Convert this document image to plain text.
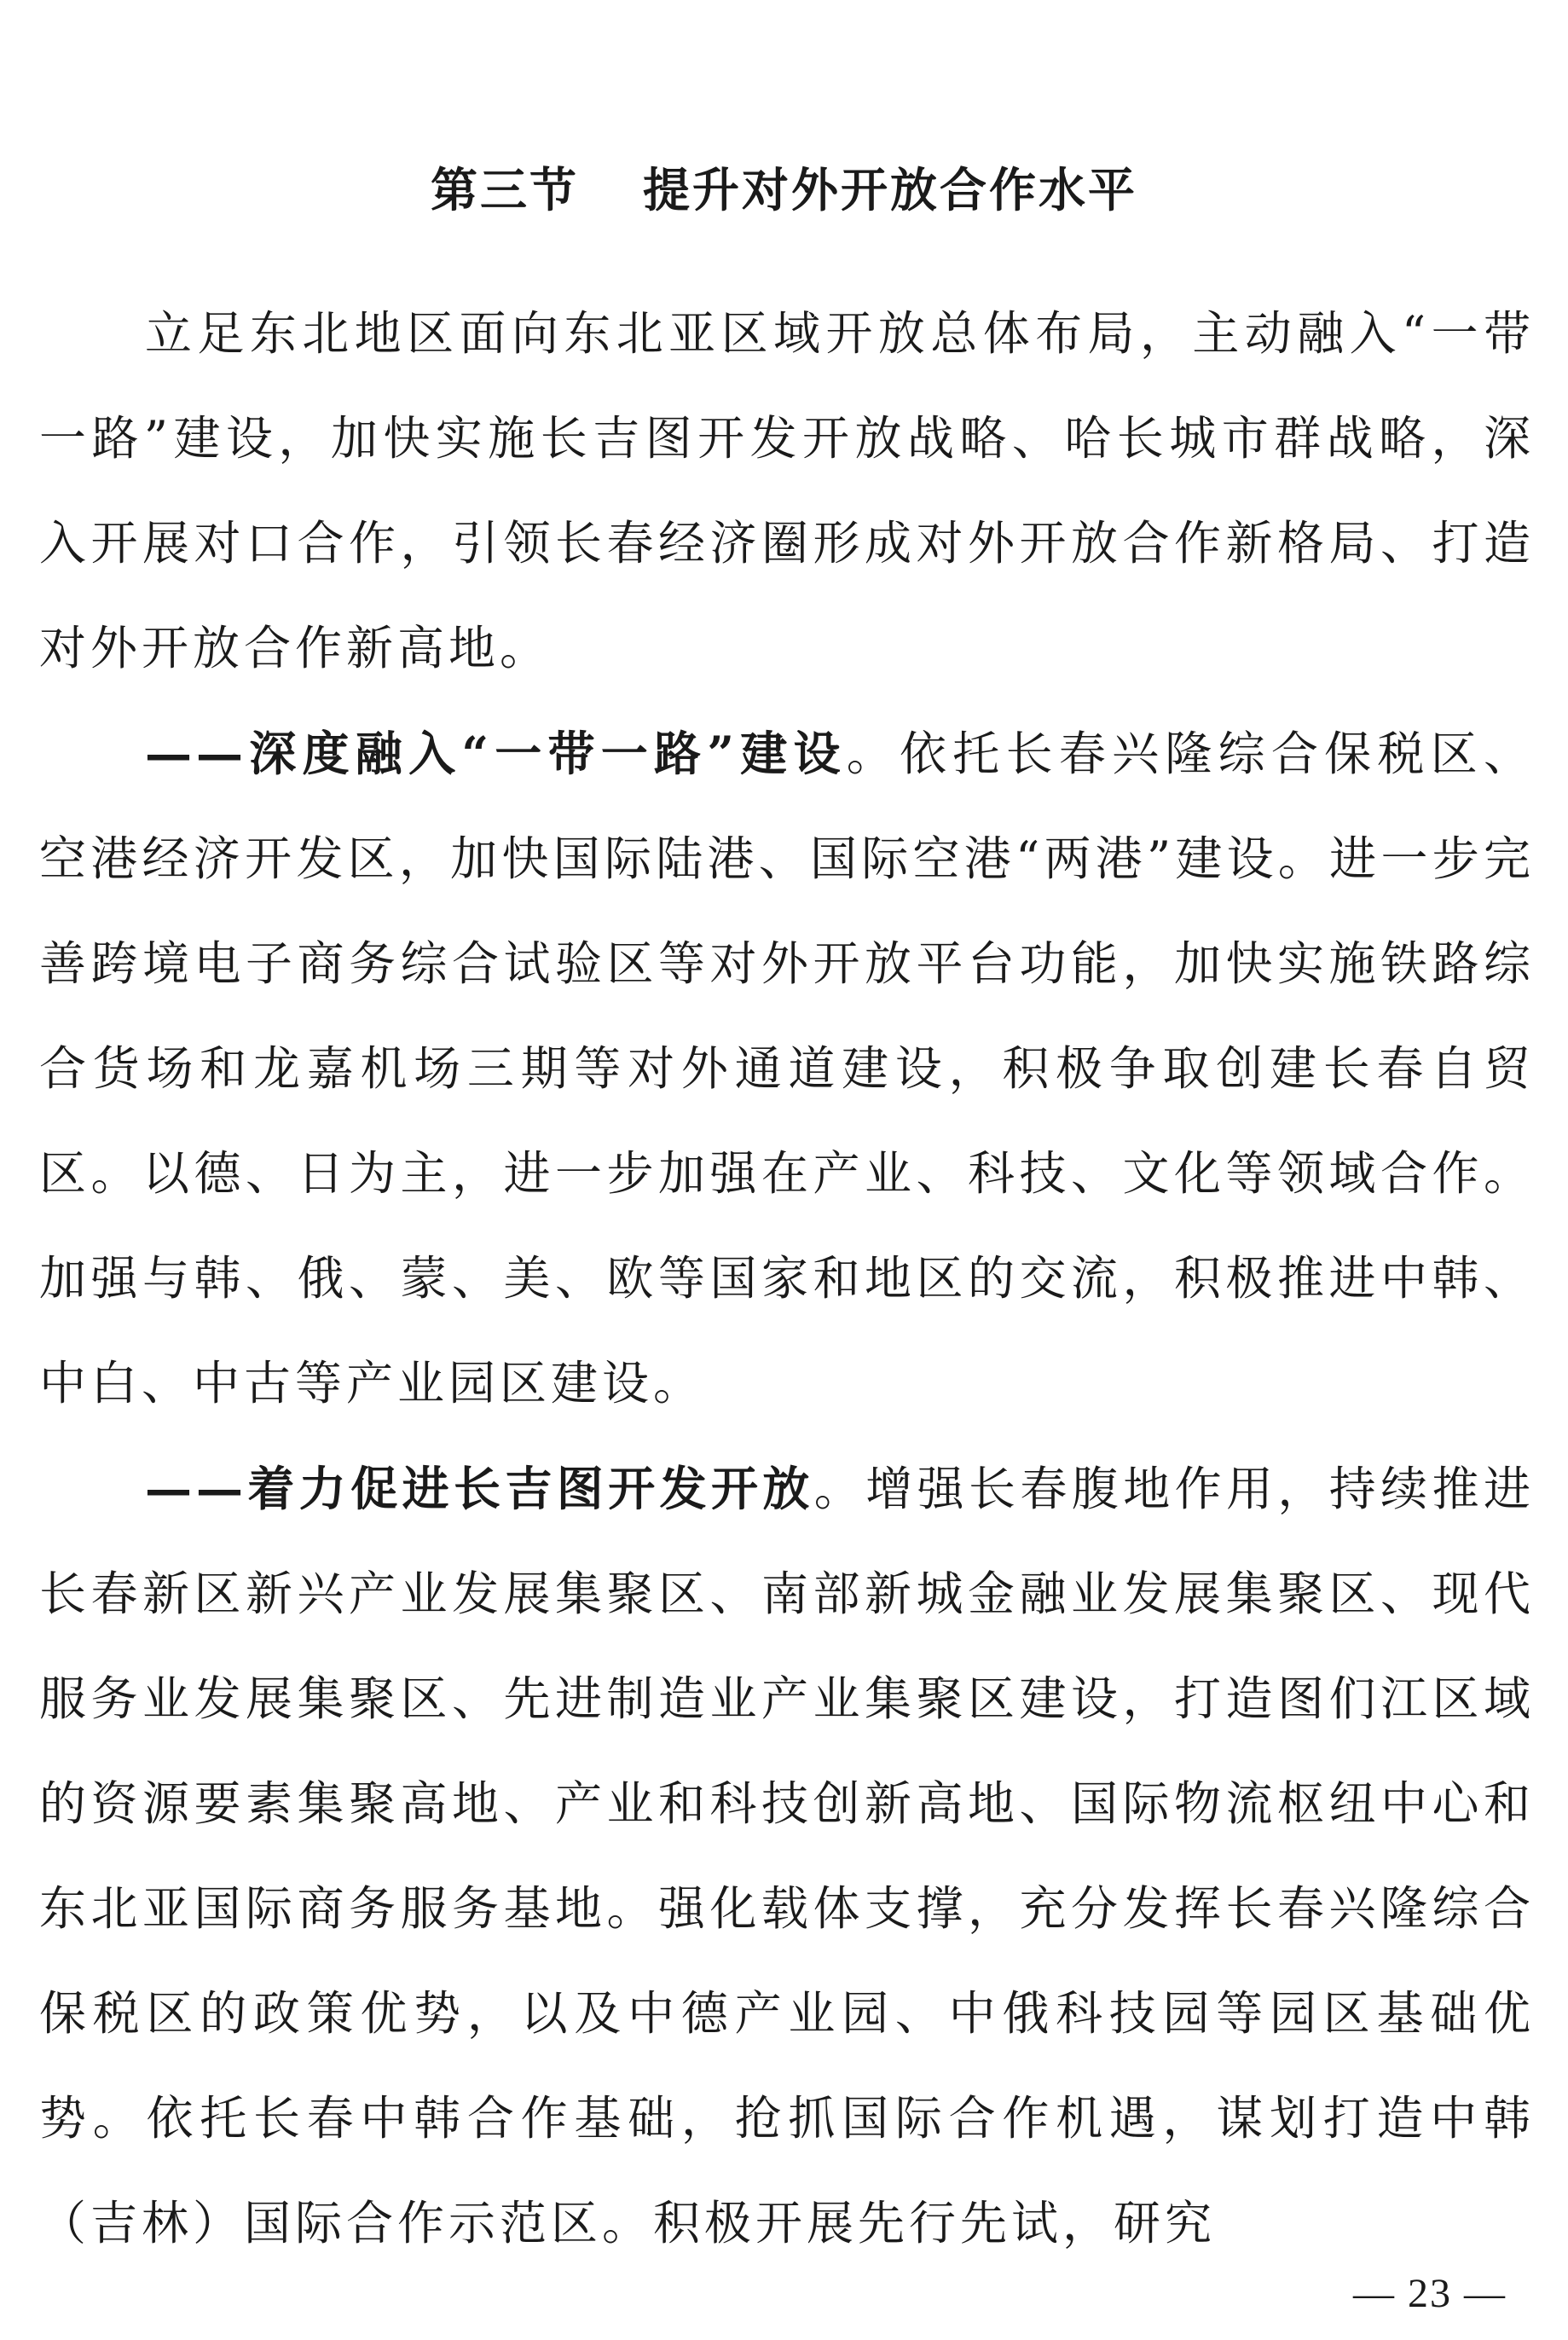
第三节 提升对外开放合作水平

立足东北地区面向东北亚区域开放总体布局，主动融入“一带一路”建设，加快实施长吉图开发开放战略、哈长城市群战略，深入开展对口合作，引领长春经济圈形成对外开放合作新格局、打造对外开放合作新高地。

——深度融入“一带一路”建设。依托长春兴隆综合保税区、空港经济开发区，加快国际陆港、国际空港“两港”建设。进一步完善跨境电子商务综合试验区等对外开放平台功能，加快实施铁路综合货场和龙嘉机场三期等对外通道建设，积极争取创建长春自贸区。以德、日为主，进一步加强在产业、科技、文化等领域合作。加强与韩、俄、蒙、美、欧等国家和地区的交流，积极推进中韩、中白、中古等产业园区建设。

——着力促进长吉图开发开放。增强长春腹地作用，持续推进长春新区新兴产业发展集聚区、南部新城金融业发展集聚区、现代服务业发展集聚区、先进制造业产业集聚区建设，打造图们江区域的资源要素集聚高地、产业和科技创新高地、国际物流枢纽中心和东北亚国际商务服务基地。强化载体支撑，充分发挥长春兴隆综合保税区的政策优势，以及中德产业园、中俄科技园等园区基础优势。依托长春中韩合作基础，抢抓国际合作机遇，谋划打造中韩（吉林）国际合作示范区。积极开展先行先试，研究

— 23 —
